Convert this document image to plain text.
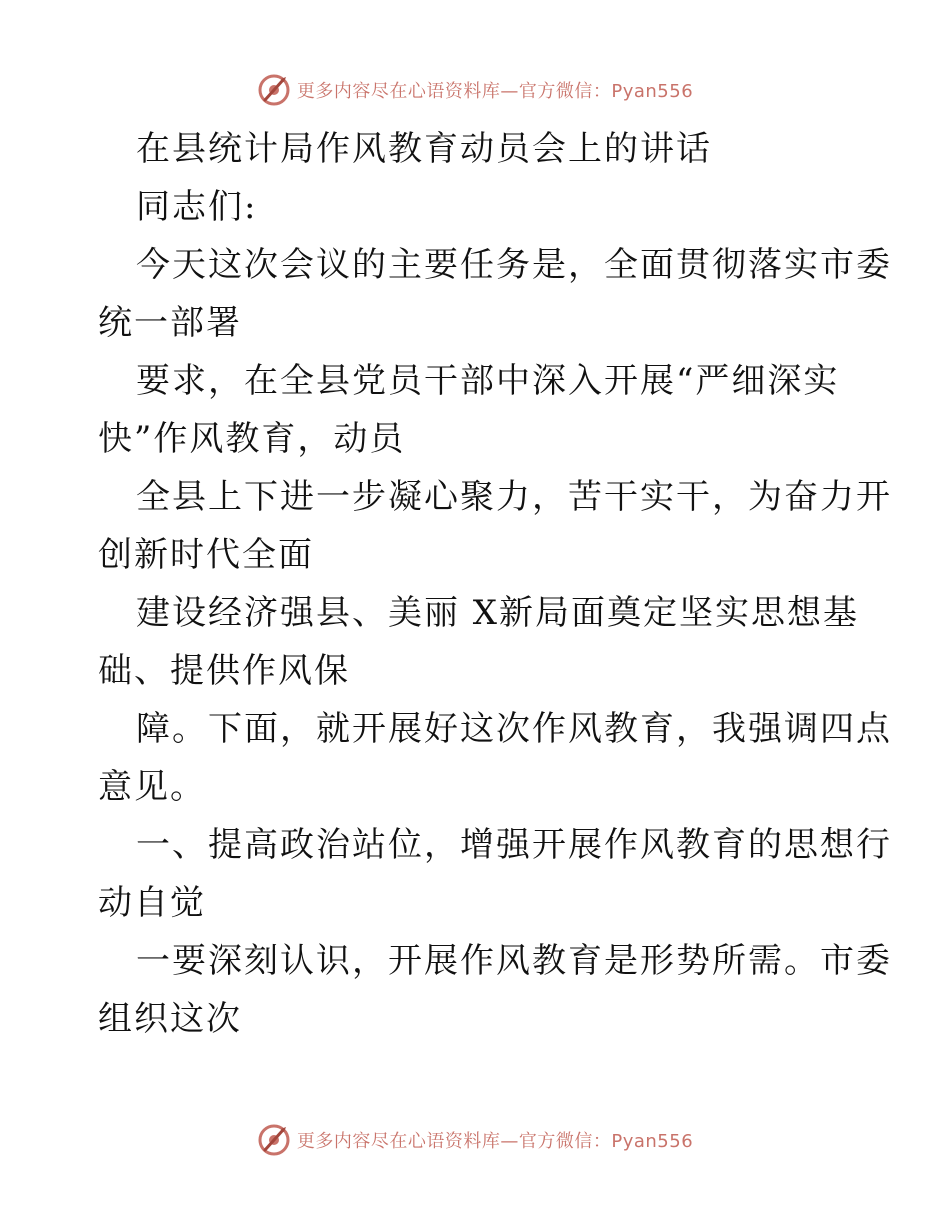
更多内容尽在心语资料库—官方微信：Pyan556
在县统计局作风教育动员会上的讲话
同志们:
今天这次会议的主要任务是，全面贯彻落实市委
统一部署
要求，在全县党员干部中深入开展“严细深实
快”作风教育，动员
全县上下进一步凝心聚力，苦干实干，为奋力开
创新时代全面
建设经济强县、美丽 X新局面奠定坚实思想基
础、提供作风保
障。下面，就开展好这次作风教育，我强调四点
意见。
一、提高政治站位，增强开展作风教育的思想行
动自觉
一要深刻认识，开展作风教育是形势所需。市委
组织这次
更多内容尽在心语资料库—官方微信：Pyan556
